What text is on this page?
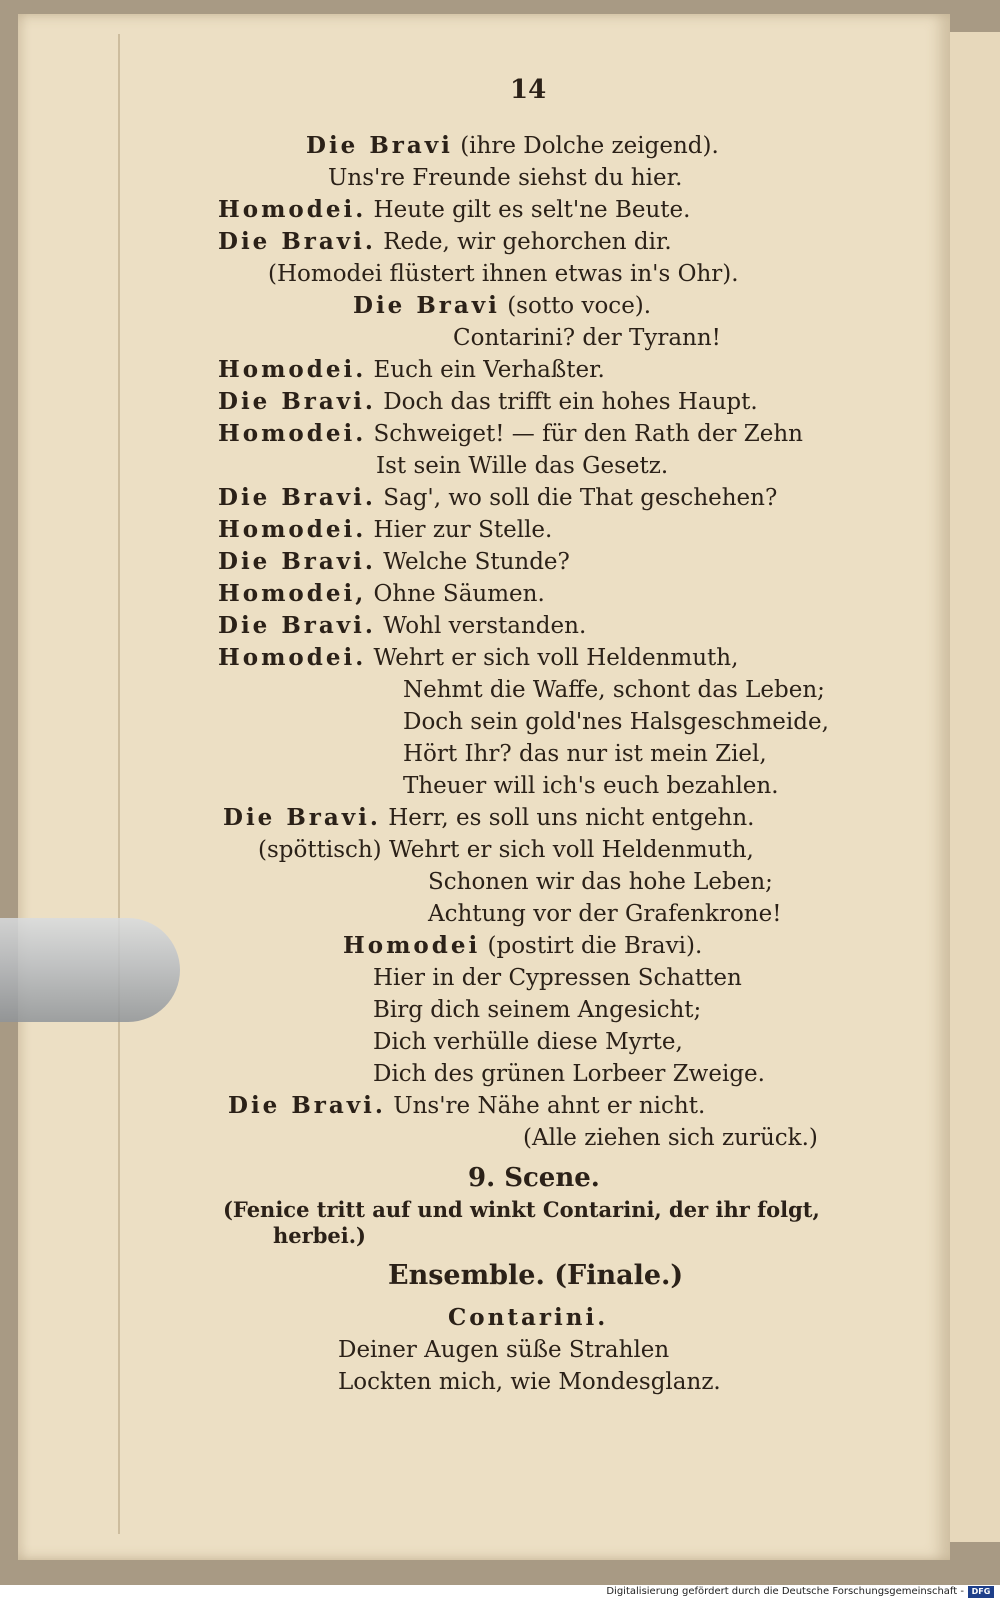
14
Die Bravi (ihre Dolche zeigend).
Uns're Freunde siehst du hier.
Homodei. Heute gilt es selt'ne Beute.
Die Bravi. Rede, wir gehorchen dir.
(Homodei flüstert ihnen etwas in's Ohr).
Die Bravi (sotto voce).
Contarini? der Tyrann!
Homodei. Euch ein Verhaßter.
Die Bravi. Doch das trifft ein hohes Haupt.
Homodei. Schweiget! — für den Rath der Zehn
Ist sein Wille das Gesetz.
Die Bravi. Sag', wo soll die That geschehen?
Homodei. Hier zur Stelle.
Die Bravi. Welche Stunde?
Homodei, Ohne Säumen.
Die Bravi. Wohl verstanden.
Homodei. Wehrt er sich voll Heldenmuth,
Nehmt die Waffe, schont das Leben;
Doch sein gold'nes Halsgeschmeide,
Hört Ihr? das nur ist mein Ziel,
Theuer will ich's euch bezahlen.
Die Bravi. Herr, es soll uns nicht entgehn.
(spöttisch) Wehrt er sich voll Heldenmuth,
Schonen wir das hohe Leben;
Achtung vor der Grafenkrone!
Homodei (postirt die Bravi).
Hier in der Cypressen Schatten
Birg dich seinem Angesicht;
Dich verhülle diese Myrte,
Dich des grünen Lorbeer Zweige.
Die Bravi. Uns're Nähe ahnt er nicht.
(Alle ziehen sich zurück.)
9. Scene.
(Fenice tritt auf und winkt Contarini, der ihr folgt,
herbei.)
Ensemble. (Finale.)
Contarini.
Deiner Augen süße Strahlen
Lockten mich, wie Mondesglanz.
Digitalisierung gefördert durch die Deutsche Forschungsgemeinschaft - DFG
